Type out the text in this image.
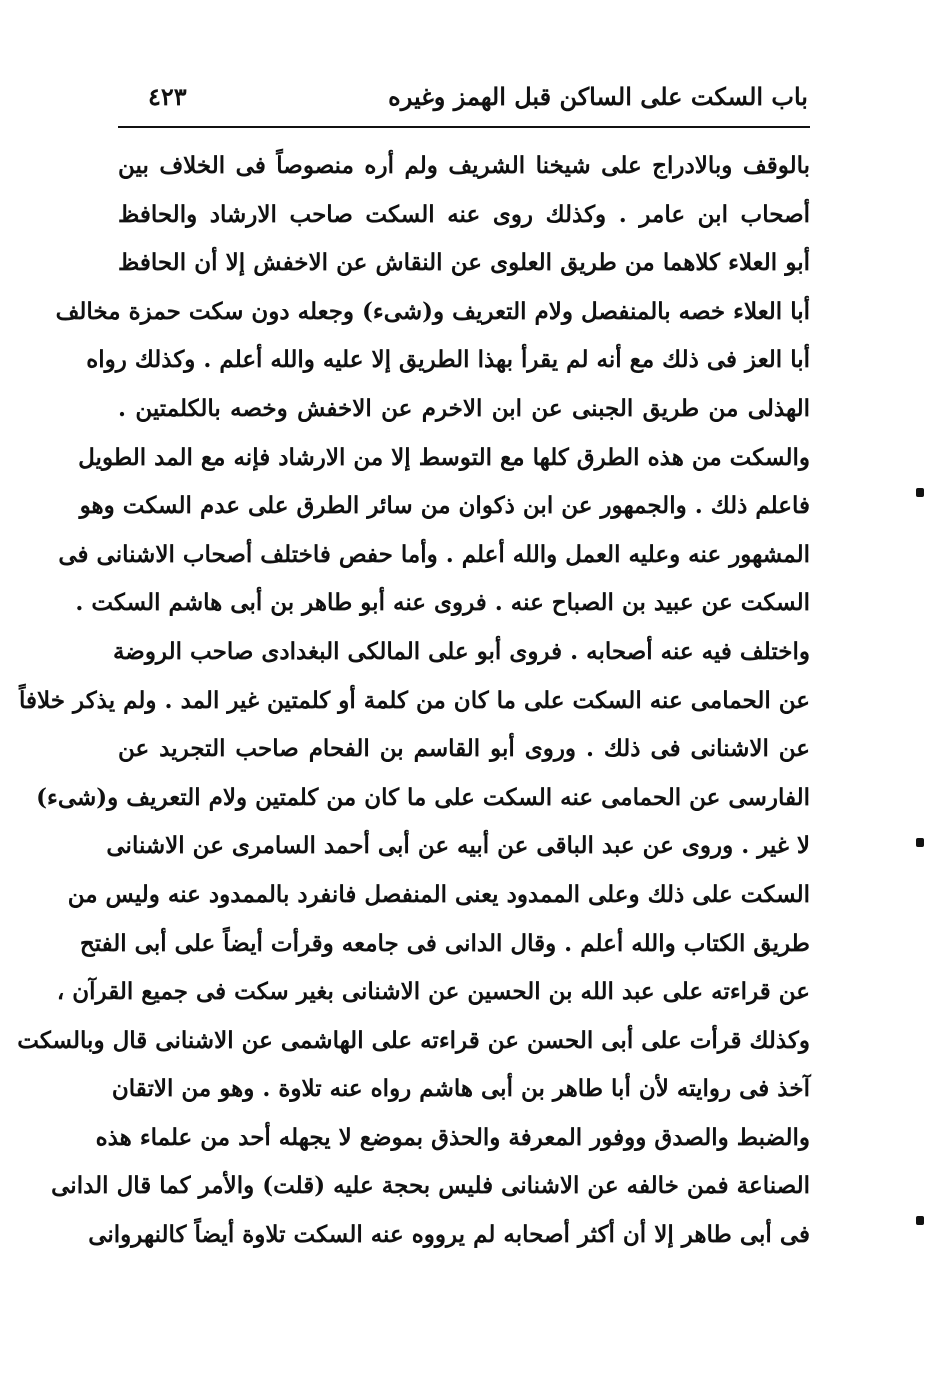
باب السكت على الساكن قبل الهمز وغيره
٤٢٣
بالوقف وبالادراج على شيخنا الشريف ولم أره منصوصاً فى الخلاف بين
أصحاب ابن عامر . وكذلك روى عنه السكت صاحب الارشاد والحافظ
أبو العلاء كلاهما من طريق العلوى عن النقاش عن الاخفش إلا أن الحافظ
أبا العلاء خصه بالمنفصل ولام التعريف و(شىء) وجعله دون سكت حمزة مخالف
أبا العز فى ذلك مع أنه لم يقرأ بهذا الطريق إلا عليه والله أعلم . وكذلك رواه
الهذلى من طريق الجبنى عن ابن الاخرم عن الاخفش وخصه بالكلمتين .
والسكت من هذه الطرق كلها مع التوسط إلا من الارشاد فإنه مع المد الطويل
فاعلم ذلك . والجمهور عن ابن ذكوان من سائر الطرق على عدم السكت وهو
المشهور عنه وعليه العمل والله أعلم . وأما حفص فاختلف أصحاب الاشنانى فى
السكت عن عبيد بن الصباح عنه . فروى عنه أبو طاهر بن أبى هاشم السكت .
واختلف فيه عنه أصحابه . فروى أبو على المالكى البغدادى صاحب الروضة
عن الحمامى عنه السكت على ما كان من كلمة أو كلمتين غير المد . ولم يذكر خلافاً
عن الاشنانى فى ذلك . وروى أبو القاسم بن الفحام صاحب التجريد عن
الفارسى عن الحمامى عنه السكت على ما كان من كلمتين ولام التعريف و(شىء)
لا غير . وروى عن عبد الباقى عن أبيه عن أبى أحمد السامرى عن الاشنانى
السكت على ذلك وعلى الممدود يعنى المنفصل فانفرد بالممدود عنه وليس من
طريق الكتاب والله أعلم . وقال الدانى فى جامعه وقرأت أيضاً على أبى الفتح
عن قراءته على عبد الله بن الحسين عن الاشنانى بغير سكت فى جميع القرآن ،
وكذلك قرأت على أبى الحسن عن قراءته على الهاشمى عن الاشنانى قال وبالسكت
آخذ فى روايته لأن أبا طاهر بن أبى هاشم رواه عنه تلاوة . وهو من الاتقان
والضبط والصدق ووفور المعرفة والحذق بموضع لا يجهله أحد من علماء هذه
الصناعة فمن خالفه عن الاشنانى فليس بحجة عليه (قلت) والأمر كما قال الدانى
فى أبى طاهر إلا أن أكثر أصحابه لم يرووه عنه السكت تلاوة أيضاً كالنهروانى
